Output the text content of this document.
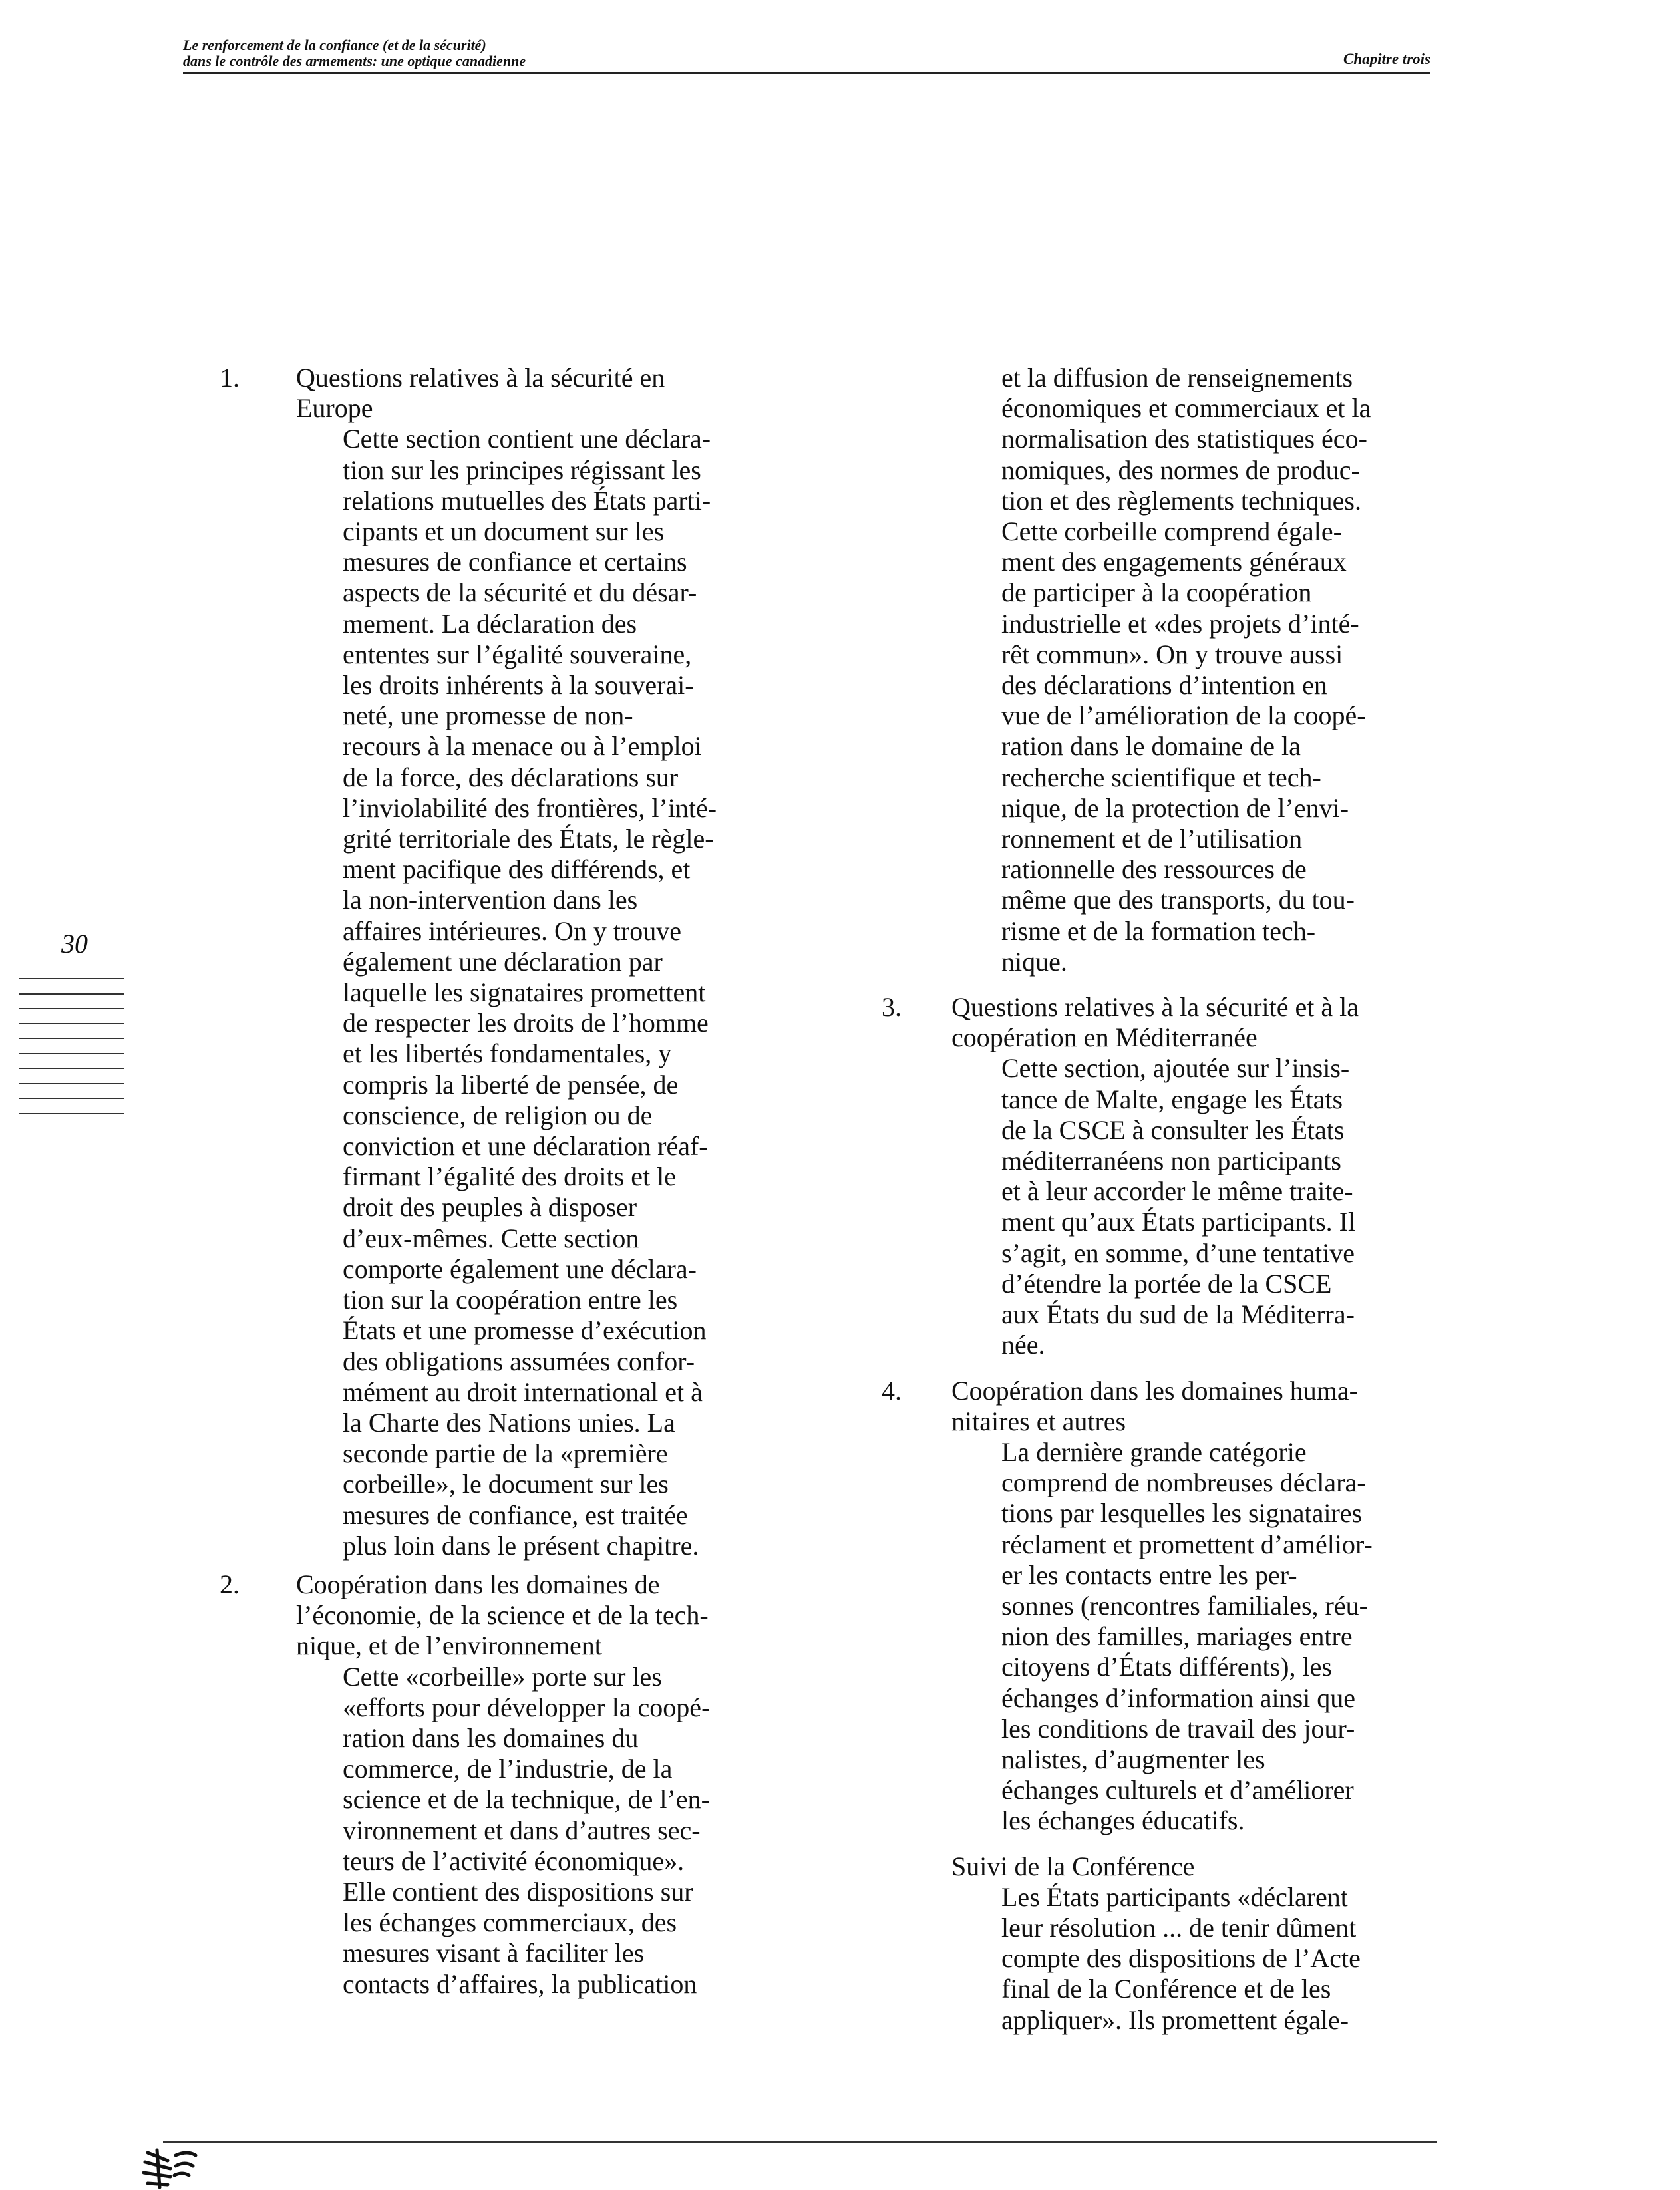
Le renforcement de la confiance (et de la sécurité)
dans le contrôle des armements: une optique canadienne	Chapitre trois
30
1. Questions relatives à la sécurité en
Europe
Cette section contient une déclara-
tion sur les principes régissant les
relations mutuelles des États parti-
cipants et un document sur les
mesures de confiance et certains
aspects de la sécurité et du désar-
mement. La déclaration des
ententes sur l’égalité souveraine,
les droits inhérents à la souverai-
neté, une promesse de non-
recours à la menace ou à l’emploi
de la force, des déclarations sur
l’inviolabilité des frontières, l’inté-
grité territoriale des États, le règle-
ment pacifique des différends, et
la non-intervention dans les
affaires intérieures. On y trouve
également une déclaration par
laquelle les signataires promettent
de respecter les droits de l’homme
et les libertés fondamentales, y
compris la liberté de pensée, de
conscience, de religion ou de
conviction et une déclaration réaf-
firmant l’égalité des droits et le
droit des peuples à disposer
d’eux-mêmes. Cette section
comporte également une déclara-
tion sur la coopération entre les
États et une promesse d’exécution
des obligations assumées confor-
mément au droit international et à
la Charte des Nations unies. La
seconde partie de la «première
corbeille», le document sur les
mesures de confiance, est traitée
plus loin dans le présent chapitre.
2. Coopération dans les domaines de
l’économie, de la science et de la tech-
nique, et de l’environnement
Cette «corbeille» porte sur les
«efforts pour développer la coopé-
ration dans les domaines du
commerce, de l’industrie, de la
science et de la technique, de l’en-
vironnement et dans d’autres sec-
teurs de l’activité économique».
Elle contient des dispositions sur
les échanges commerciaux, des
mesures visant à faciliter les
contacts d’affaires, la publication
et la diffusion de renseignements
économiques et commerciaux et la
normalisation des statistiques éco-
nomiques, des normes de produc-
tion et des règlements techniques.
Cette corbeille comprend égale-
ment des engagements généraux
de participer à la coopération
industrielle et «des projets d’inté-
rêt commun». On y trouve aussi
des déclarations d’intention en
vue de l’amélioration de la coopé-
ration dans le domaine de la
recherche scientifique et tech-
nique, de la protection de l’envi-
ronnement et de l’utilisation
rationnelle des ressources de
même que des transports, du tou-
risme et de la formation tech-
nique.
3. Questions relatives à la sécurité et à la
coopération en Méditerranée
Cette section, ajoutée sur l’insis-
tance de Malte, engage les États
de la CSCE à consulter les États
méditerranéens non participants
et à leur accorder le même traite-
ment qu’aux États participants. Il
s’agit, en somme, d’une tentative
d’étendre la portée de la CSCE
aux États du sud de la Méditerra-
née.
4. Coopération dans les domaines huma-
nitaires et autres
La dernière grande catégorie
comprend de nombreuses déclara-
tions par lesquelles les signataires
réclament et promettent d’amélior-
er les contacts entre les per-
sonnes (rencontres familiales, réu-
nion des familles, mariages entre
citoyens d’États différents), les
échanges d’information ainsi que
les conditions de travail des jour-
nalistes, d’augmenter les
échanges culturels et d’améliorer
les échanges éducatifs.
Suivi de la Conférence
Les États participants «déclarent
leur résolution ... de tenir dûment
compte des dispositions de l’Acte
final de la Conférence et de les
appliquer». Ils promettent égale-
